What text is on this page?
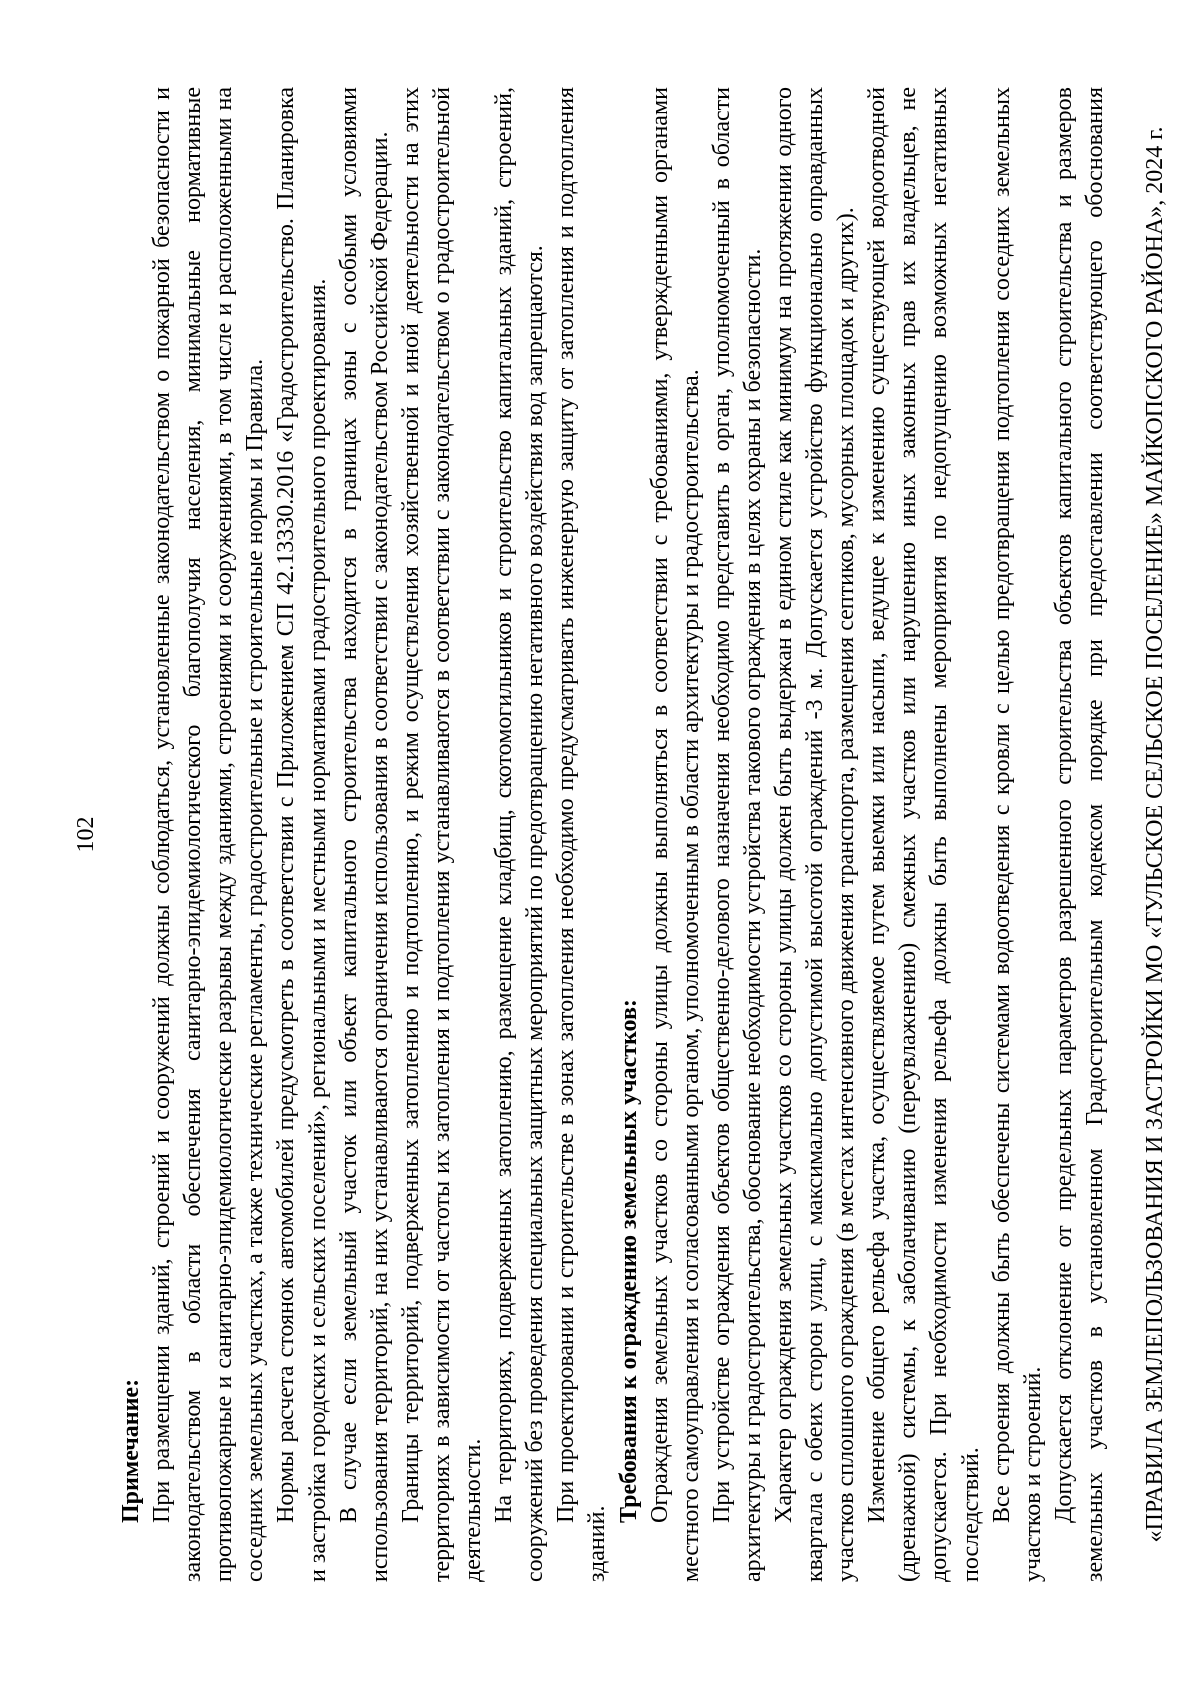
102
Примечание: При размещении зданий, строений и сооружений должны соблюдаться, установленные законодательством о пожарной безопасности и законодательством в области обеспечения санитарно-эпидемиологического благополучия населения, минимальные нормативные противопожарные и санитарно-эпидемиологические разрывы между зданиями, строениями и сооружениями, в том числе и расположенными на соседних земельных участках, а также технические регламенты, градостроительные и строительные нормы и Правила. Нормы расчета стоянок автомобилей предусмотреть в соответствии с Приложением СП 42.13330.2016 «Градостроительство. Планировка и застройка городских и сельских поселений», региональными и местными нормативами градостроительного проектирования. В случае если земельный участок или объект капитального строительства находится в границах зоны с особыми условиями использования территорий, на них устанавливаются ограничения использования в соответствии с законодательством Российской Федерации. Границы территорий, подверженных затоплению и подтоплению, и режим осуществления хозяйственной и иной деятельности на этих территориях в зависимости от частоты их затопления и подтопления устанавливаются в соответствии с законодательством о градостроительной деятельности. На территориях, подверженных затоплению, размещение кладбищ, скотомогильников и строительство капитальных зданий, строений, сооружений без проведения специальных защитных мероприятий по предотвращению негативного воздействия вод запрещаются. При проектировании и строительстве в зонах затопления необходимо предусматривать инженерную защиту от затопления и подтопления
зданий.
Требования к ограждению земельных участков: Ограждения земельных участков со стороны улицы должны выполняться в соответствии с требованиями, утвержденными органами местного самоуправления и согласованными органом, уполномоченным в области архитектуры и градостроительства. При устройстве ограждения объектов общественно-делового назначения необходимо представить в орган, уполномоченный в области архитектуры и градостроительства, обоснование необходимости устройства такового ограждения в целях охраны и безопасности. Характер ограждения земельных участков со стороны улицы должен быть выдержан в едином стиле как минимум на протяжении одного квартала с обеих сторон улиц, с максимально допустимой высотой ограждений -3 м. Допускается устройство функционально оправданных участков сплошного ограждения (в местах интенсивного движения транспорта, размещения септиков, мусорных площадок и других). Изменение общего рельефа участка, осуществляемое путем выемки или насыпи, ведущее к изменению существующей водоотводной (дренажной) системы, к заболачиванию (переувлажнению) смежных участков или нарушению иных законных прав их владельцев, не допускается. При необходимости изменения рельефа должны быть выполнены мероприятия по недопущению возможных негативных последствий. Все строения должны быть обеспечены системами водоотведения с кровли с целью предотвращения подтопления соседних земельных участков и строений. Допускается отклонение от предельных параметров разрешенного строительства объектов капитального строительства и размеров земельных участков в установленном Градостроительным кодексом порядке при предоставлении соответствующего обоснования «ПРАВИЛА ЗЕМЛЕПОЛЬЗОВАНИЯ И ЗАСТРОЙКИ МО «ТУЛЬСКОЕ СЕЛЬСКОЕ ПОСЕЛЕНИЕ» МАЙКОПСКОГО РАЙОНА», 2024 г.
